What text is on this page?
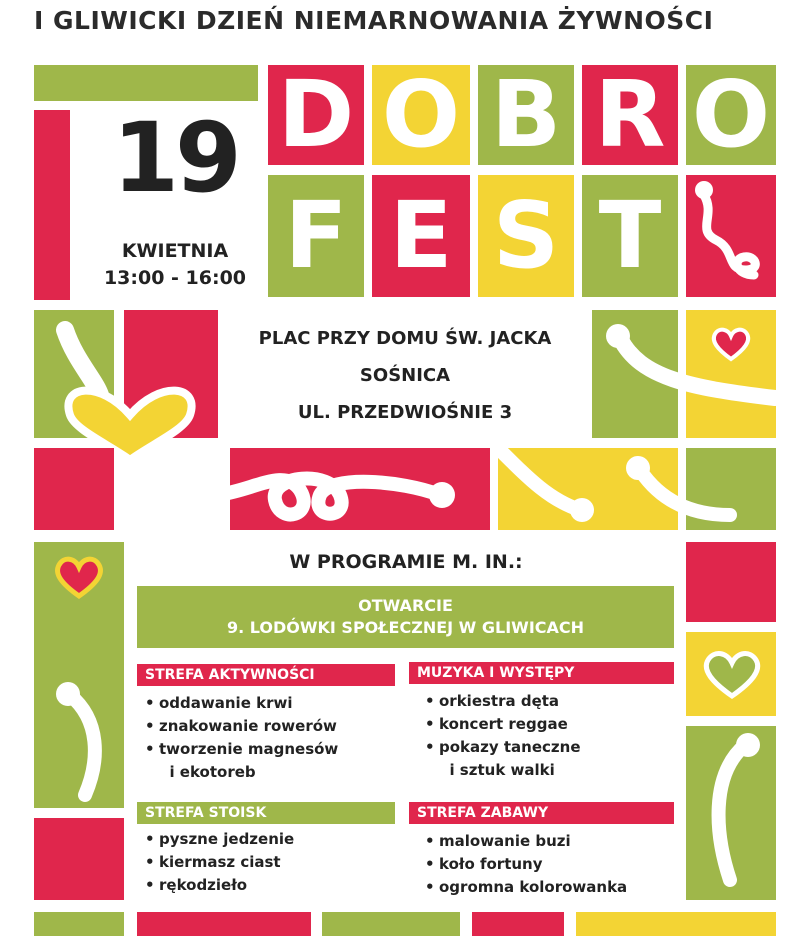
I GLIWICKI DZIEŃ NIEMARNOWANIA ŻYWNOŚCI
19
KWIETNIA
13:00 - 16:00
D O B R O
F E S T
PLAC PRZY DOMU ŚW. JACKA
SOŚNICA
UL. PRZEDWIOŚNIE 3
W PROGRAMIE M. IN.:
OTWARCIE
9. LODÓWKI SPOŁECZNEJ W GLIWICACH
STREFA AKTYWNOŚCI
• oddawanie krwi
• znakowanie rowerów
• tworzenie magnesów
i ekotoreb
MUZYKA I WYSTĘPY
• orkiestra dęta
• koncert reggae
• pokazy taneczne
i sztuk walki
STREFA STOISK
• pyszne jedzenie
• kiermasz ciast
• rękodzieło
STREFA ZABAWY
• malowanie buzi
• koło fortuny
• ogromna kolorowanka
